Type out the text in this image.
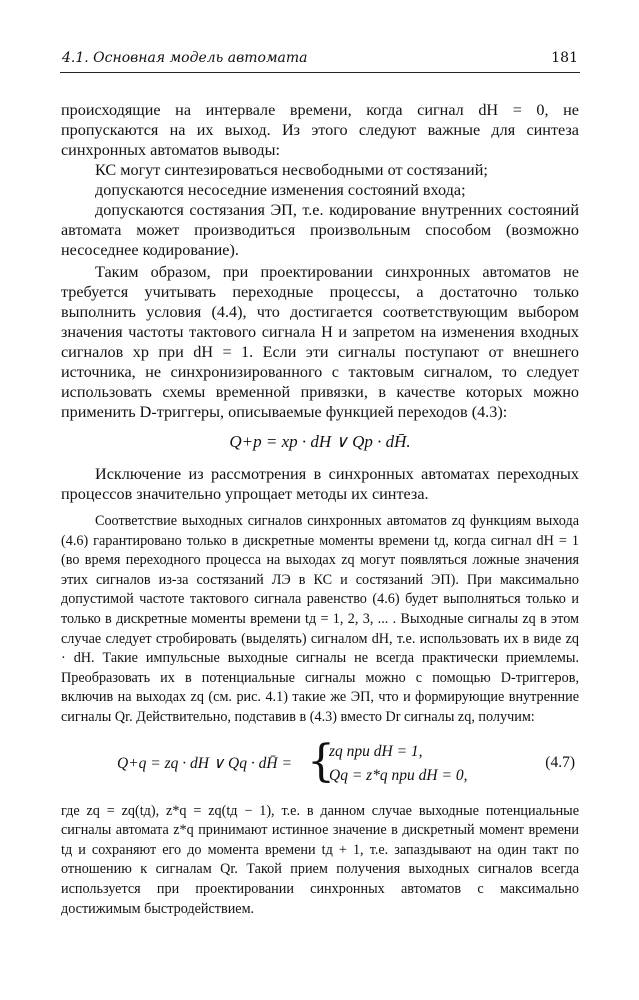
4.1. Основная модель автомата	181

происходящие на интервале времени, когда сигнал dH = 0, не пропускаются на их выход. Из этого следуют важные для синтеза синхронных автоматов выводы:

КС могут синтезироваться несвободными от состязаний;

допускаются несоседние изменения состояний входа;

допускаются состязания ЭП, т.е. кодирование внутренних состояний автомата может производиться произвольным способом (возможно несоседнее кодирование).

Таким образом, при проектировании синхронных автоматов не требуется учитывать переходные процессы, а достаточно только выполнить условия (4.4), что достигается соответствующим выбором значения частоты тактового сигнала H и запретом на изменения входных сигналов xp при dH = 1. Если эти сигналы поступают от внешнего источника, не синхронизированного с тактовым сигналом, то следует использовать схемы временной привязки, в качестве которых можно применить D-триггеры, описываемые функцией переходов (4.3):

Q+p = xp · dH ∨ Qp · dH̄.

Исключение из рассмотрения в синхронных автоматах переходных процессов значительно упрощает методы их синтеза.

Соответствие выходных сигналов синхронных автоматов zq функциям выхода (4.6) гарантировано только в дискретные моменты времени tд, когда сигнал dH = 1 (во время переходного процесса на выходах zq могут появляться ложные значения этих сигналов из-за состязаний ЛЭ в КС и состязаний ЭП). При максимально допустимой частоте тактового сигнала равенство (4.6) будет выполняться только и только в дискретные моменты времени tд = 1, 2, 3, ... . Выходные сигналы zq в этом случае следует стробировать (выделять) сигналом dH, т.е. использовать их в виде zq · dH. Такие импульсные выходные сигналы не всегда практически приемлемы. Преобразовать их в потенциальные сигналы можно с помощью D-триггеров, включив на выходах zq (см. рис. 4.1) такие же ЭП, что и формирующие внутренние сигналы Qr. Действительно, подставив в (4.3) вместо Dr сигналы zq, получим:

Q+q = zq · dH ∨ Qq · dH̄ = {
zq при dH = 1,
Qq = z*q при dH = 0,
(4.7)

где zq = zq(tд), z*q = zq(tд − 1), т.е. в данном случае выходные потенциальные сигналы автомата z*q принимают истинное значение в дискретный момент времени tд и сохраняют его до момента времени tд + 1, т.е. запаздывают на один такт по отношению к сигналам Qr. Такой прием получения выходных сигналов всегда используется при проектировании синхронных автоматов с максимально достижимым быстродействием.
